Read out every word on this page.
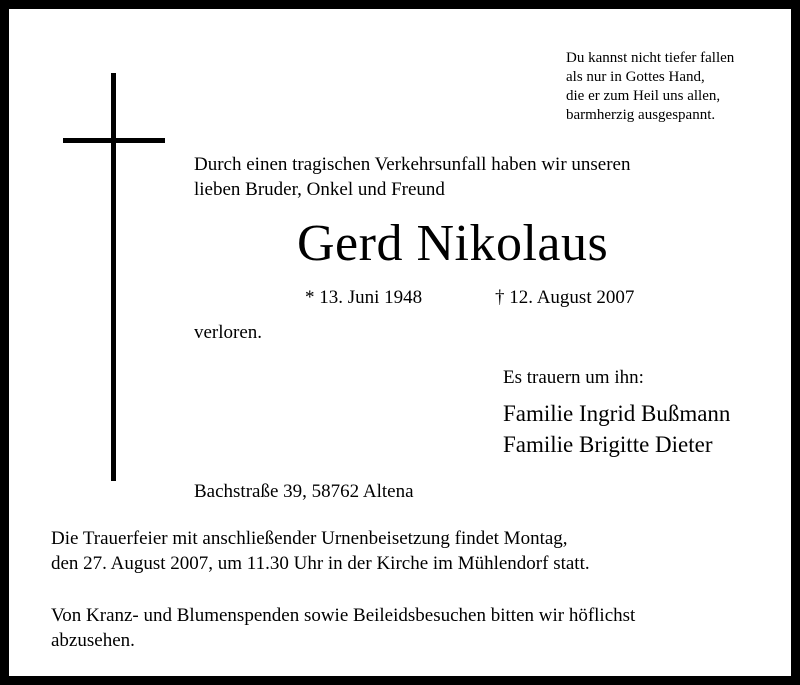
Du kannst nicht tiefer fallen
als nur in Gottes Hand,
die er zum Heil uns allen,
barmherzig ausgespannt.
Durch einen tragischen Verkehrsunfall haben wir unseren
lieben Bruder, Onkel und Freund
Gerd Nikolaus
* 13. Juni 1948	† 12. August 2007
verloren.
Es trauern um ihn:
Familie Ingrid Bußmann
Familie Brigitte Dieter
Bachstraße 39, 58762 Altena
Die Trauerfeier mit anschließender Urnenbeisetzung findet Montag,
den 27. August 2007, um 11.30 Uhr in der Kirche im Mühlendorf statt.
Von Kranz- und Blumenspenden sowie Beileidsbesuchen bitten wir höflichst
abzusehen.
